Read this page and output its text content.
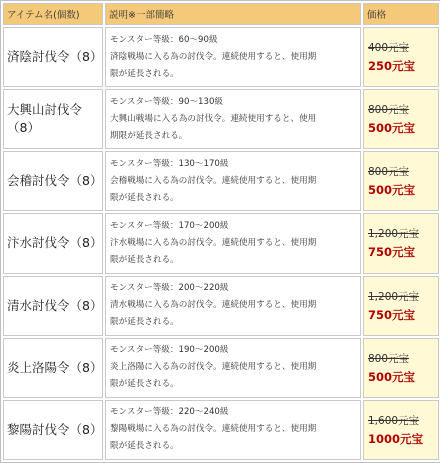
アイテム名(個数)	説明※一部簡略	価格
済陰討伐令（8）	モンスター等級：60〜90級
済陰戦場に入る為の討伐令。連続使用すると、使用期
限が延長される。	400元宝
250元宝

大興山討伐令（8）	モンスター等級：90〜130級
大興山戦場に入る為の討伐令。連続使用すると、使用
期限が延長される。	800元宝
500元宝

会稽討伐令（8）	モンスター等級：130〜170級
会稽戦場に入る為の討伐令。連続使用すると、使用期
限が延長される。	800元宝
500元宝

汴水討伐令（8）	モンスター等級：170〜200級
汴水戦場に入る為の討伐令。連続使用すると、使用期
限が延長される。	1,200元宝
750元宝

清水討伐令（8）	モンスター等級：200〜220級
清水戦場に入る為の討伐令。連続使用すると、使用期
限が延長される。	1,200元宝
750元宝

炎上洛陽令（8）	モンスター等級：190〜200級
炎上洛陽に入る為の討伐令。連続使用すると、使用期
限が延長される。	800元宝
500元宝

黎陽討伐令（8）	モンスター等級：220〜240級
黎陽戦場に入る為の討伐令。連続使用すると、使用期
限が延長される。	1,600元宝
1000元宝
